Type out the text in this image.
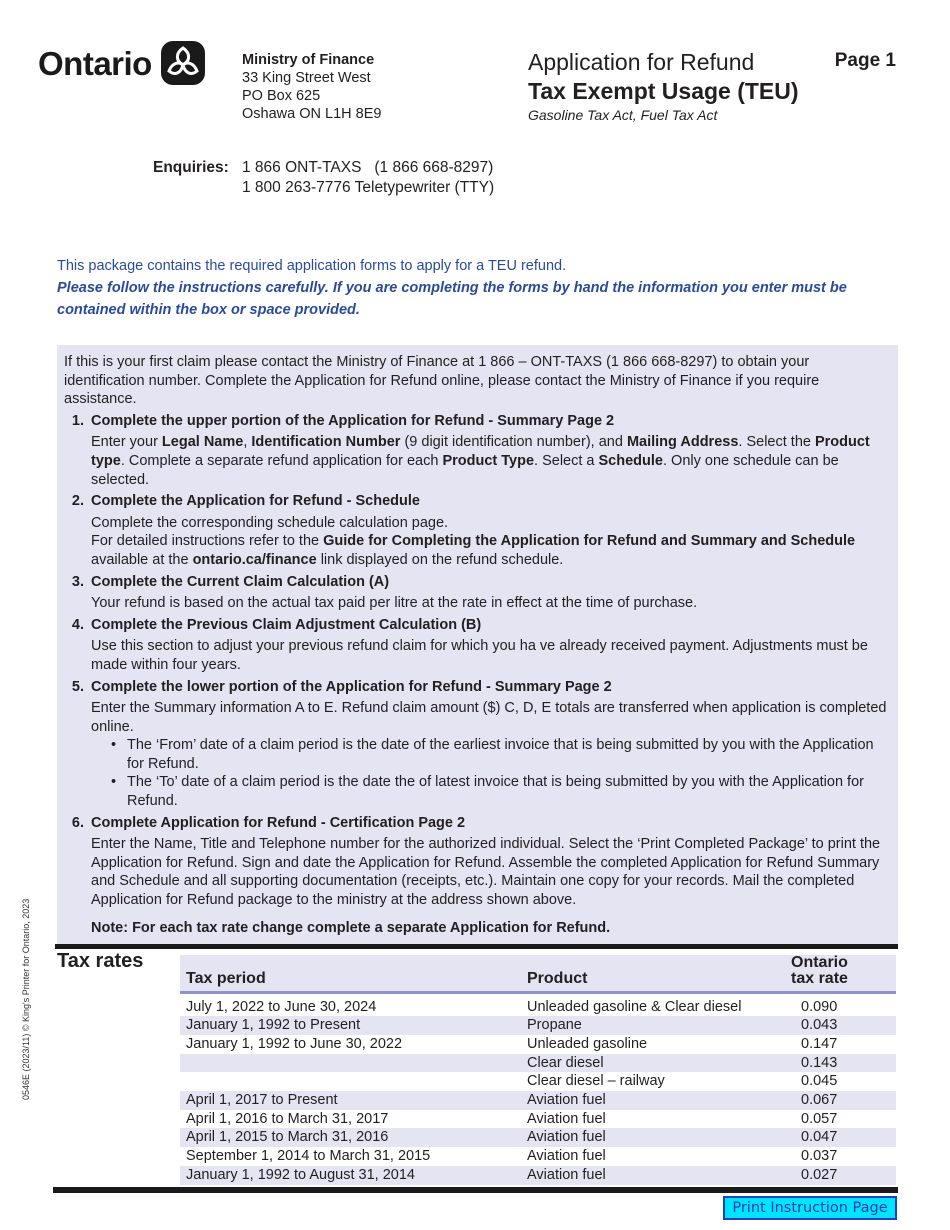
Ontario	Ministry of Finance
33 King Street West
PO Box 625
Oshawa ON L1H 8E9
Application for Refund
Tax Exempt Usage (TEU)
Gasoline Tax Act, Fuel Tax Act
Page 1
Enquiries: 1 866 ONT-TAXS   (1 866 668-8297)
1 800 263-7776 Teletypewriter (TTY)
This package contains the required application forms to apply for a TEU refund.
Please follow the instructions carefully. If you are completing the forms by hand the information you enter must be contained within the box or space provided.
If this is your first claim please contact the Ministry of Finance at 1 866 – ONT-TAXS (1 866 668-8297) to obtain your identification number. Complete the Application for Refund online, please contact the Ministry of Finance if you require assistance.
1. Complete the upper portion of the Application for Refund - Summary Page 2
Enter your Legal Name, Identification Number (9 digit identification number), and Mailing Address. Select the Product type. Complete a separate refund application for each Product Type. Select a Schedule. Only one schedule can be selected.
2. Complete the Application for Refund - Schedule
Complete the corresponding schedule calculation page.
For detailed instructions refer to the Guide for Completing the Application for Refund and Summary and Schedule available at the ontario.ca/finance link displayed on the refund schedule.
3. Complete the Current Claim Calculation (A)
Your refund is based on the actual tax paid per litre at the rate in effect at the time of purchase.
4. Complete the Previous Claim Adjustment Calculation (B)
Use this section to adjust your previous refund claim for which you ha ve already received payment. Adjustments must be made within four years.
5. Complete the lower portion of the Application for Refund - Summary Page 2
Enter the Summary information A to E. Refund claim amount ($) C, D, E totals are transferred when application is completed online.
• The ‘From’ date of a claim period is the date of the earliest invoice that is being submitted by you with the Application for Refund.
• The ‘To’ date of a claim period is the date the of latest invoice that is being submitted by you with the Application for Refund.
6. Complete Application for Refund - Certification Page 2
Enter the Name, Title and Telephone number for the authorized individual. Select the ‘Print Completed Package’ to print the Application for Refund. Sign and date the Application for Refund. Assemble the completed Application for Refund Summary and Schedule and all supporting documentation (receipts, etc.). Maintain one copy for your records. Mail the completed Application for Refund package to the ministry at the address shown above.
Note: For each tax rate change complete a separate Application for Refund.
Tax rates
Tax period	Product	Ontario
tax rate

July 1, 2022 to June 30, 2024	Unleaded gasoline & Clear diesel	0.090
January 1, 1992 to Present	Propane	0.043
January 1, 1992 to June 30, 2022	Unleaded gasoline	0.147
	Clear diesel	0.143
	Clear diesel – railway	0.045
April 1, 2017 to Present	Aviation fuel	0.067
April 1, 2016 to March 31, 2017	Aviation fuel	0.057
April 1, 2015 to March 31, 2016	Aviation fuel	0.047
September 1, 2014 to March 31, 2015	Aviation fuel	0.037
January 1, 1992 to August 31, 2014	Aviation fuel	0.027
0546E (2023/11) © King's Printer for Ontario, 2023
Print Instruction Page
